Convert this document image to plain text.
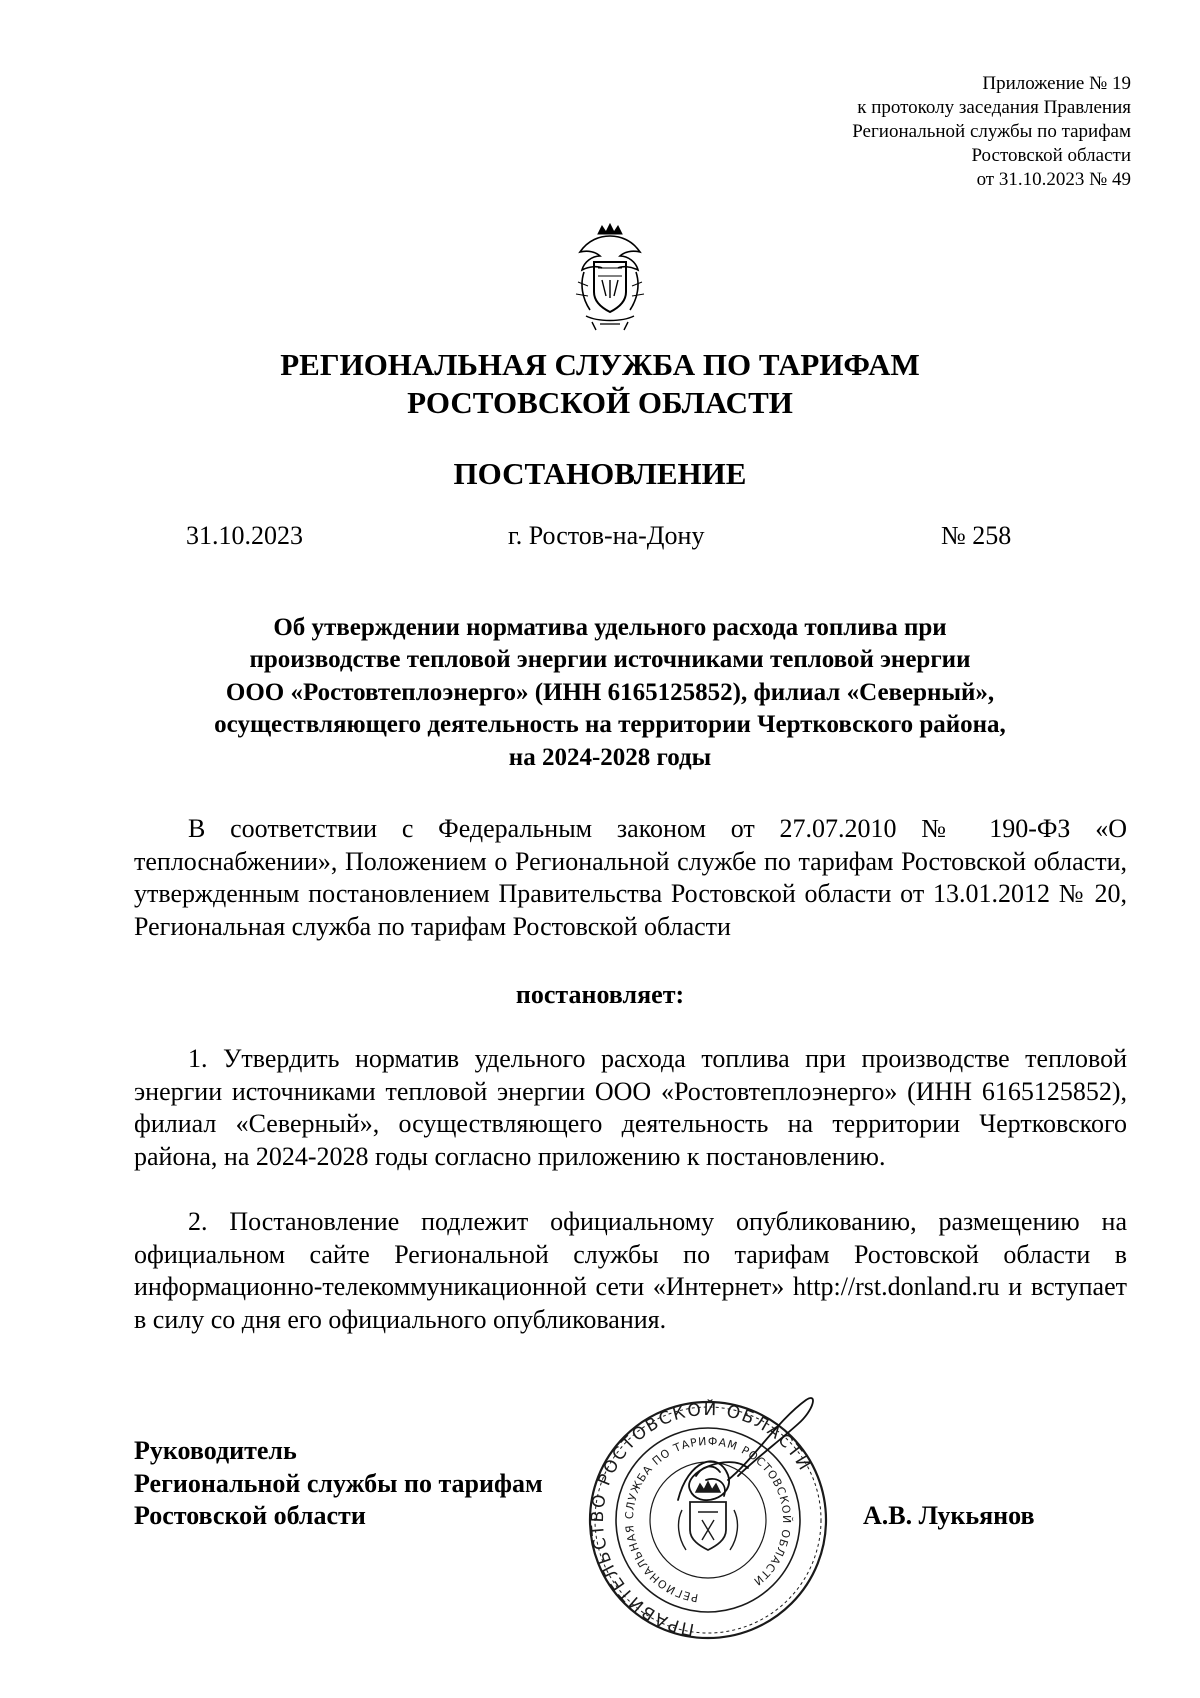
Приложение № 19
к протоколу заседания Правления
Региональной службы по тарифам
Ростовской области
от 31.10.2023 № 49
РЕГИОНАЛЬНАЯ СЛУЖБА ПО ТАРИФАМ
РОСТОВСКОЙ ОБЛАСТИ
ПОСТАНОВЛЕНИЕ
31.10.2023	г. Ростов-на-Дону	№ 258
Об утверждении норматива удельного расхода топлива при
производстве тепловой энергии источниками тепловой энергии
ООО «Ростовтеплоэнерго» (ИНН 6165125852), филиал «Северный»,
осуществляющего деятельность на территории Чертковского района,
на 2024-2028 годы
В соответствии с Федеральным законом от 27.07.2010 № 190-ФЗ «О теплоснабжении», Положением о Региональной службе по тарифам Ростовской области, утвержденным постановлением Правительства Ростовской области от 13.01.2012 № 20, Региональная служба по тарифам Ростовской области
постановляет:
1. Утвердить норматив удельного расхода топлива при производстве тепловой энергии источниками тепловой энергии ООО «Ростовтеплоэнерго» (ИНН 6165125852), филиал «Северный», осуществляющего деятельность на территории Чертковского района, на 2024-2028 годы согласно приложению к постановлению.
2. Постановление подлежит официальному опубликованию, размещению на официальном сайте Региональной службы по тарифам Ростовской области в информационно-телекоммуникационной сети «Интернет» http://rst.donland.ru и вступает в силу со дня его официального опубликования.
Руководитель
Региональной службы по тарифам
Ростовской области
ПРАВИТЕЛЬСТВО РОСТОВСКОЙ ОБЛАСТИ
РЕГИОНАЛЬНАЯ СЛУЖБА ПО ТАРИФАМ РОСТОВСКОЙ ОБЛАСТИ
А.В. Лукьянов
